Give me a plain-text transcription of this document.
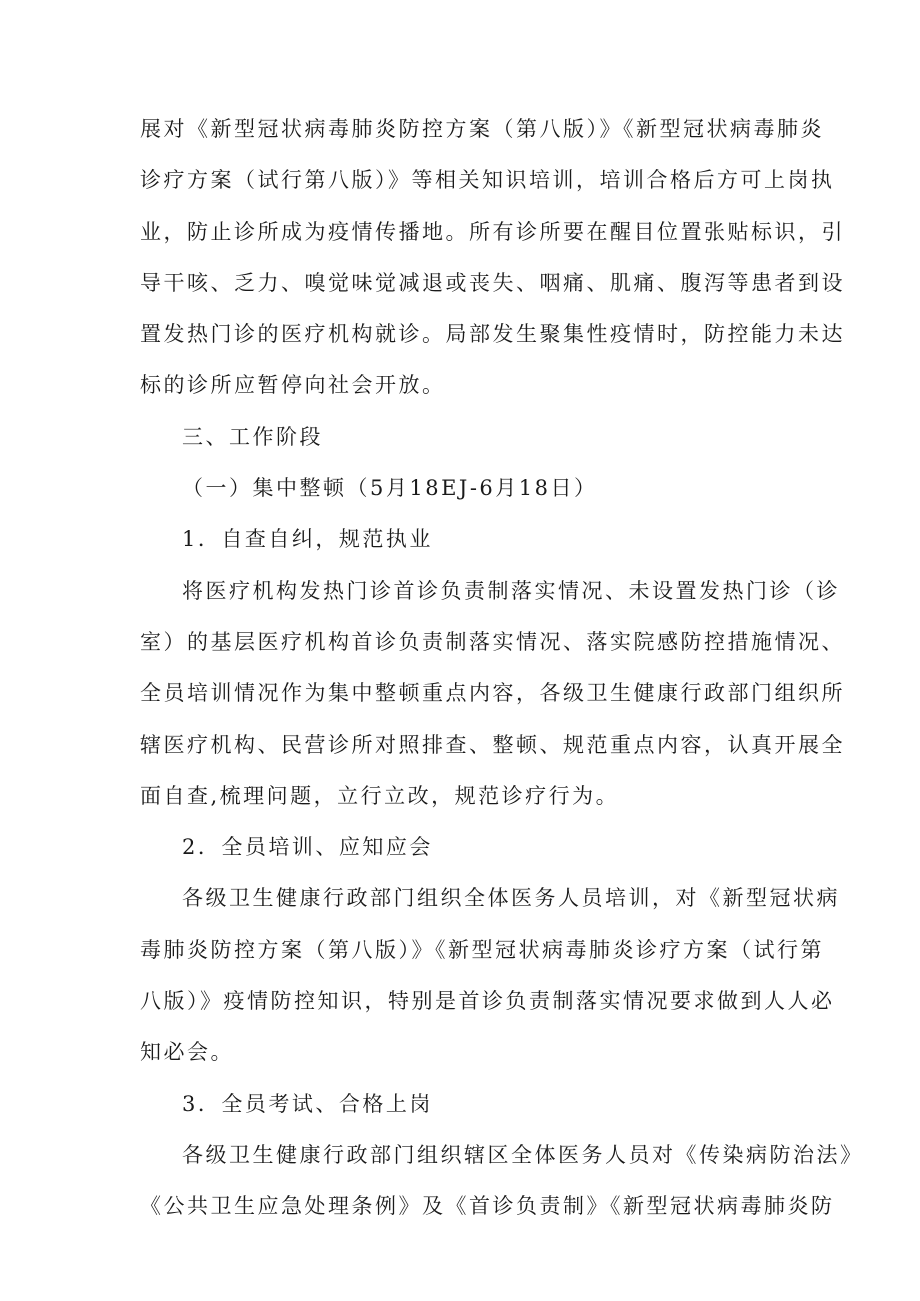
展对《新型冠状病毒肺炎防控方案（第八版）》《新型冠状病毒肺炎
诊疗方案（试行第八版）》等相关知识培训，培训合格后方可上岗执
业，防止诊所成为疫情传播地。所有诊所要在醒目位置张贴标识，引
导干咳、乏力、嗅觉味觉减退或丧失、咽痛、肌痛、腹泻等患者到设
置发热门诊的医疗机构就诊。局部发生聚集性疫情时，防控能力未达
标的诊所应暂停向社会开放。
三、工作阶段
（一）集中整顿（5月18EJ-6月18日）
1．自查自纠，规范执业
将医疗机构发热门诊首诊负责制落实情况、未设置发热门诊（诊
室）的基层医疗机构首诊负责制落实情况、落实院感防控措施情况、
全员培训情况作为集中整顿重点内容，各级卫生健康行政部门组织所
辖医疗机构、民营诊所对照排查、整顿、规范重点内容，认真开展全
面自查,梳理问题，立行立改，规范诊疗行为。
2．全员培训、应知应会
各级卫生健康行政部门组织全体医务人员培训，对《新型冠状病
毒肺炎防控方案（第八版）》《新型冠状病毒肺炎诊疗方案（试行第
八版）》疫情防控知识，特别是首诊负责制落实情况要求做到人人必
知必会。
3．全员考试、合格上岗
各级卫生健康行政部门组织辖区全体医务人员对《传染病防治法》
《公共卫生应急处理条例》及《首诊负责制》《新型冠状病毒肺炎防
